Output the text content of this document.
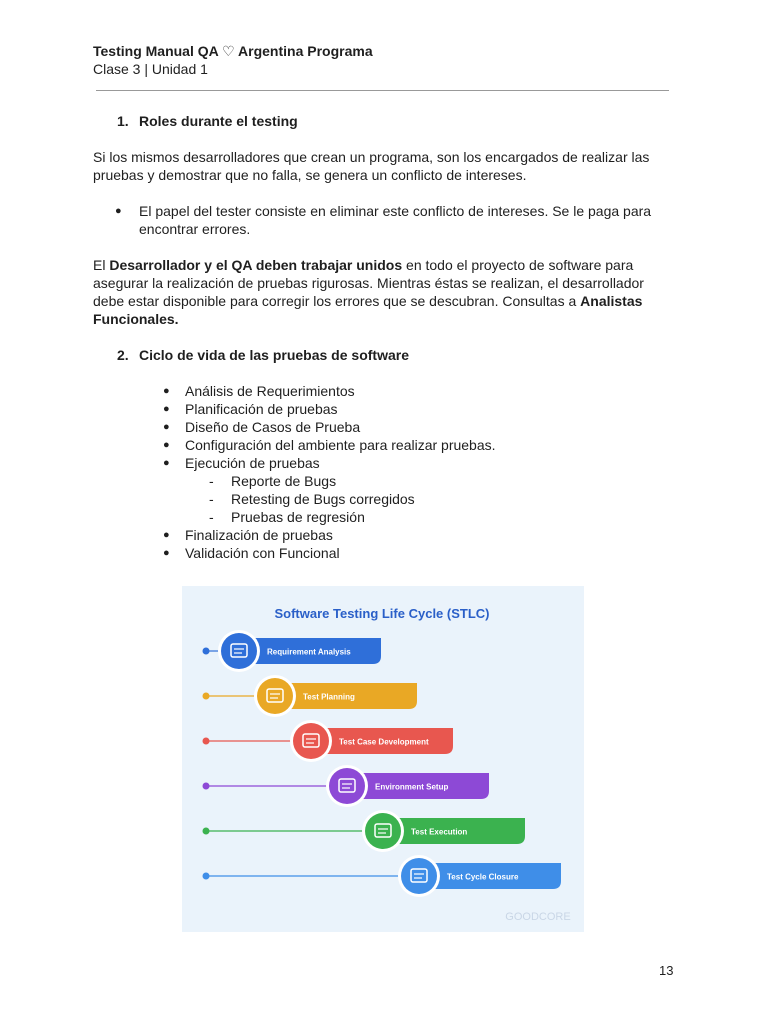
Testing Manual QA ♡ Argentina Programa
Clase 3 | Unidad 1
1. Roles durante el testing

Si los mismos desarrolladores que crean un programa, son los encargados de realizar las pruebas y demostrar que no falla, se genera un conflicto de intereses.

● El papel del tester consiste en eliminar este conflicto de intereses. Se le paga para encontrar errores.

El Desarrollador y el QA deben trabajar unidos en todo el proyecto de software para asegurar la realización de pruebas rigurosas. Mientras éstas se realizan, el desarrollador debe estar disponible para corregir los errores que se descubran. Consultas a Analistas Funcionales.

2. Ciclo de vida de las pruebas de software
● Análisis de Requerimientos
● Planificación de pruebas
● Diseño de Casos de Prueba
● Configuración del ambiente para realizar pruebas.
● Ejecución de pruebas
- Reporte de Bugs
- Retesting de Bugs corregidos
- Pruebas de regresión
● Finalización de pruebas
● Validación con Funcional
Software Testing Life Cycle (STLC)
Requirement Analysis
Test Planning
Test Case Development
Environment Setup
Test Execution
Test Cycle Closure
GOODCORE
13
